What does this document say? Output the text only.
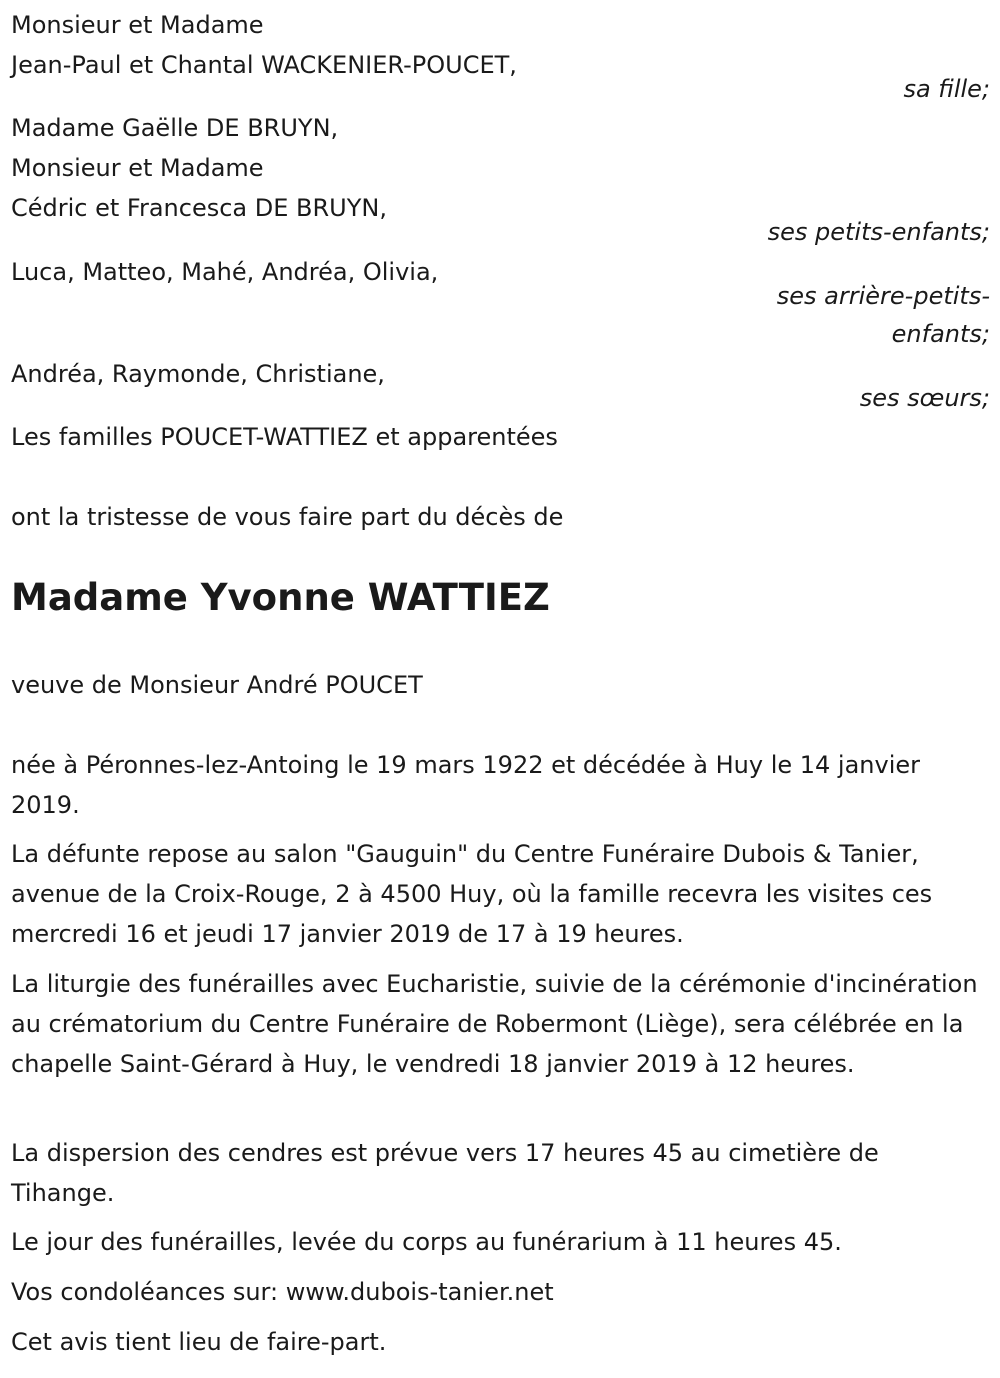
Monsieur et Madame

Jean-Paul et Chantal WACKENIER-POUCET,

sa fille;

Madame Gaëlle DE BRUYN,

Monsieur et Madame

Cédric et Francesca DE BRUYN,

ses petits-enfants;

Luca, Matteo, Mahé, Andréa, Olivia,

ses arrière-petits-

enfants;

Andréa, Raymonde, Christiane,

ses sœurs;

Les familles POUCET-WATTIEZ et apparentées

ont la tristesse de vous faire part du décès de

Madame Yvonne WATTIEZ

veuve de Monsieur André POUCET

née à Péronnes-lez-Antoing le 19 mars 1922 et décédée à Huy le 14 janvier 2019.

La défunte repose au salon "Gauguin" du Centre Funéraire Dubois & Tanier, avenue de la Croix-Rouge, 2 à 4500 Huy, où la famille recevra les visites ces mercredi 16 et jeudi 17 janvier 2019 de 17 à 19 heures.

La liturgie des funérailles avec Eucharistie, suivie de la cérémonie d'incinération au crématorium du Centre Funéraire de Robermont (Liège), sera célébrée en la chapelle Saint-Gérard à Huy, le vendredi 18 janvier 2019 à 12 heures.

La dispersion des cendres est prévue vers 17 heures 45 au cimetière de Tihange.

Le jour des funérailles, levée du corps au funérarium à 11 heures 45.

Vos condoléances sur: www.dubois-tanier.net

Cet avis tient lieu de faire-part.
